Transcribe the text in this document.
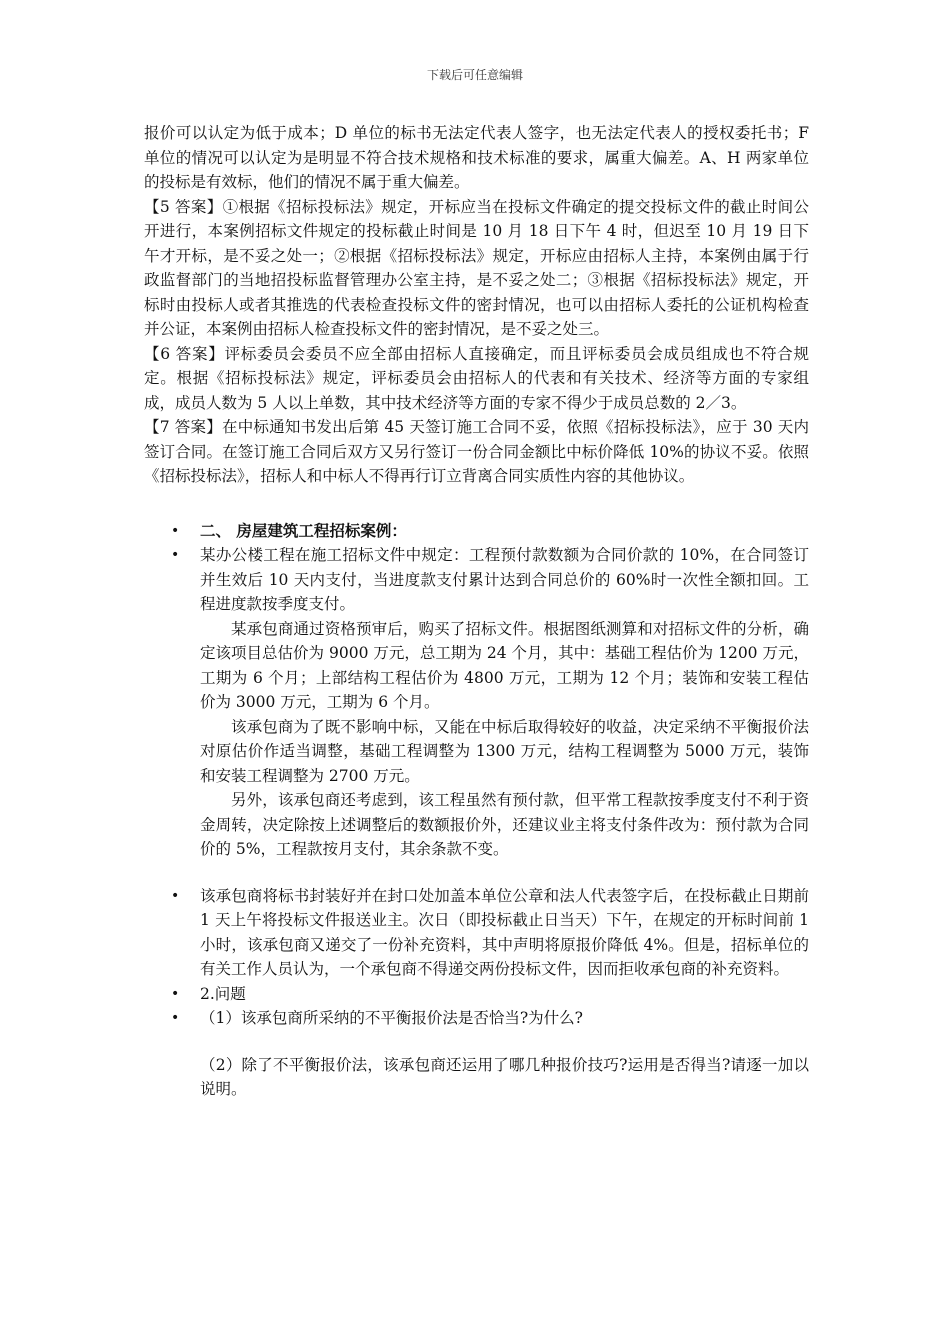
下载后可任意编辑

报价可以认定为低于成本；D 单位的标书无法定代表人签字，也无法定代表人的授权委托书；F 单位的情况可以认定为是明显不符合技术规格和技术标准的要求，属重大偏差。A、H 两家单位的投标是有效标，他们的情况不属于重大偏差。

【5 答案】①根据《招标投标法》规定，开标应当在投标文件确定的提交投标文件的截止时间公开进行，本案例招标文件规定的投标截止时间是 10 月 18 日下午 4 时，但迟至 10 月 19 日下午才开标，是不妥之处一；②根据《招标投标法》规定，开标应由招标人主持，本案例由属于行政监督部门的当地招投标监督管理办公室主持，是不妥之处二；③根据《招标投标法》规定，开标时由投标人或者其推选的代表检查投标文件的密封情况，也可以由招标人委托的公证机构检查并公证，本案例由招标人检查投标文件的密封情况，是不妥之处三。

【6 答案】评标委员会委员不应全部由招标人直接确定，而且评标委员会成员组成也不符合规定。根据《招标投标法》规定，评标委员会由招标人的代表和有关技术、经济等方面的专家组成，成员人数为 5 人以上单数，其中技术经济等方面的专家不得少于成员总数的 2／3。

【7 答案】在中标通知书发出后第 45 天签订施工合同不妥，依照《招标投标法》，应于 30 天内签订合同。在签订施工合同后双方又另行签订一份合同金额比中标价降低 10%的协议不妥。依照《招标投标法》，招标人和中标人不得再行订立背离合同实质性内容的其他协议。

• 二、 房屋建筑工程招标案例：
• 某办公楼工程在施工招标文件中规定：工程预付款数额为合同价款的 10%，在合同签订并生效后 10 天内支付，当进度款支付累计达到合同总价的 60%时一次性全额扣回。工程进度款按季度支付。
某承包商通过资格预审后，购买了招标文件。根据图纸测算和对招标文件的分析，确定该项目总估价为 9000 万元，总工期为 24 个月，其中：基础工程估价为 1200 万元，工期为 6 个月；上部结构工程估价为 4800 万元，工期为 12 个月；装饰和安装工程估价为 3000 万元，工期为 6 个月。
该承包商为了既不影响中标，又能在中标后取得较好的收益，决定采纳不平衡报价法对原估价作适当调整，基础工程调整为 1300 万元，结构工程调整为 5000 万元，装饰和安装工程调整为 2700 万元。
另外，该承包商还考虑到，该工程虽然有预付款，但平常工程款按季度支付不利于资金周转，决定除按上述调整后的数额报价外，还建议业主将支付条件改为：预付款为合同价的 5%，工程款按月支付，其余条款不变。
• 该承包商将标书封装好并在封口处加盖本单位公章和法人代表签字后，在投标截止日期前 1 天上午将投标文件报送业主。次日（即投标截止日当天）下午，在规定的开标时间前 1 小时，该承包商又递交了一份补充资料，其中声明将原报价降低 4%。但是，招标单位的有关工作人员认为，一个承包商不得递交两份投标文件，因而拒收承包商的补充资料。
• 2.问题
• （1）该承包商所采纳的不平衡报价法是否恰当?为什么?
（2）除了不平衡报价法，该承包商还运用了哪几种报价技巧?运用是否得当?请逐一加以说明。
